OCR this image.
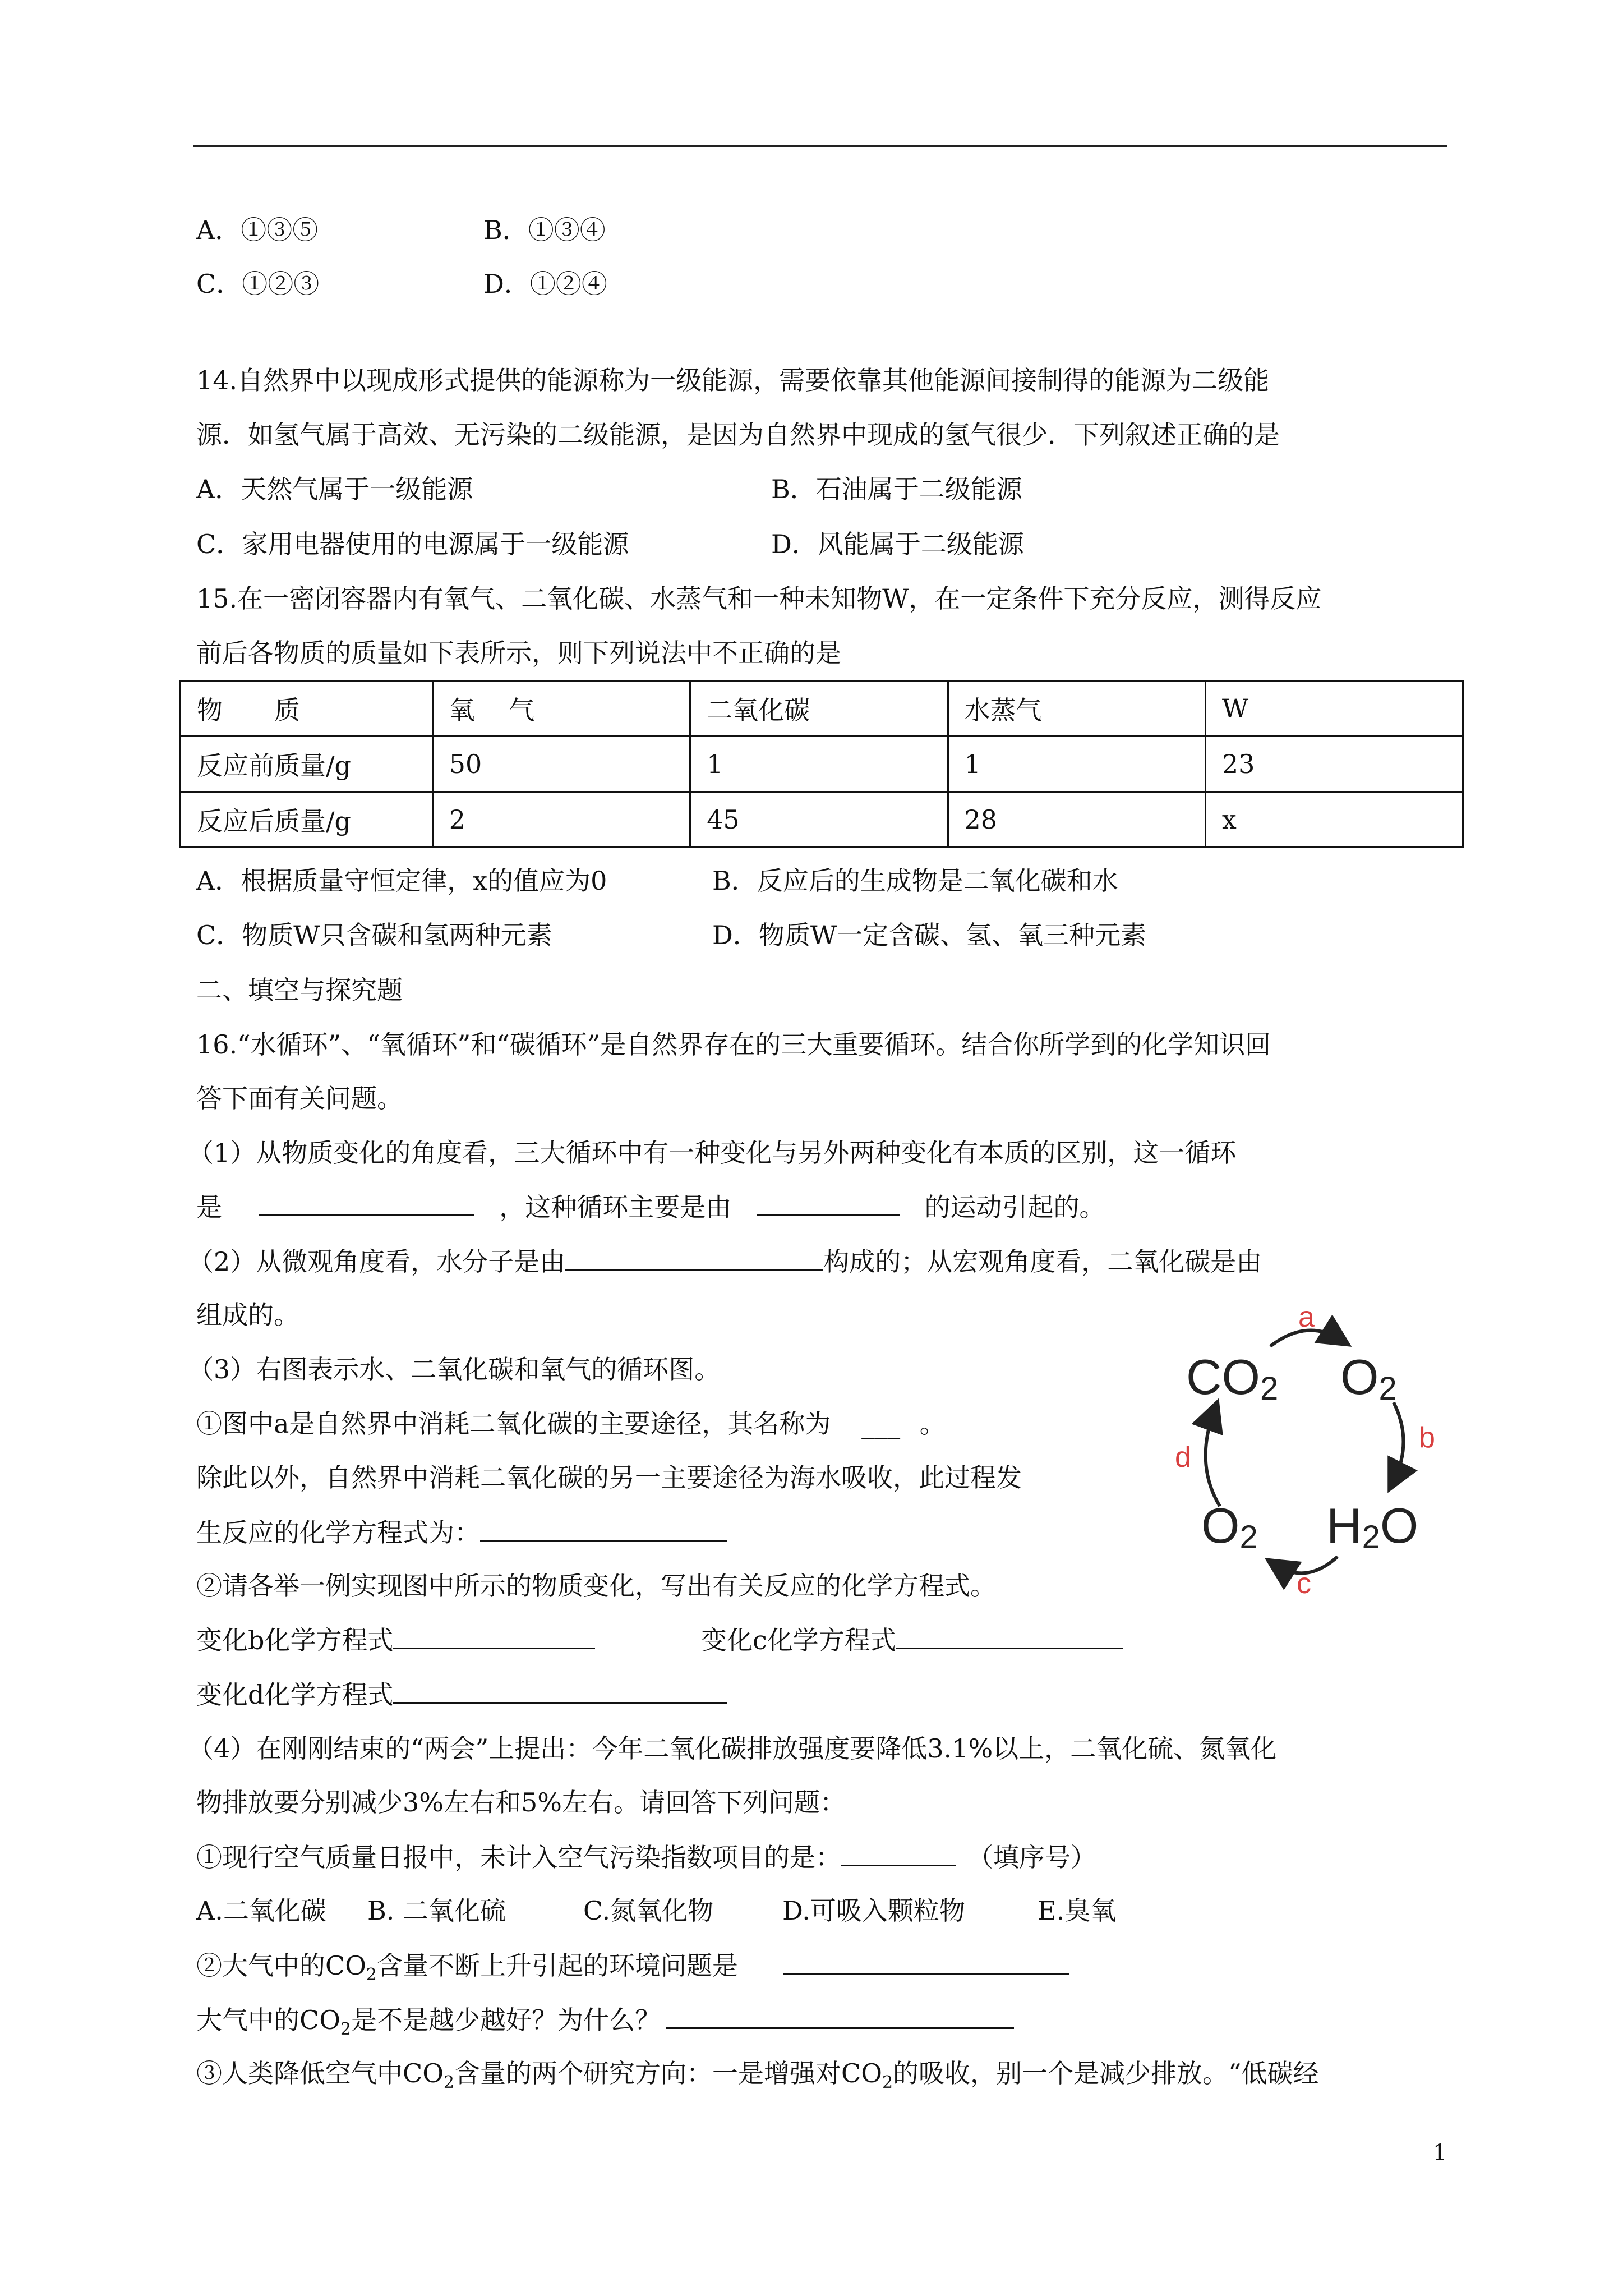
A．①③⑤	B．①③④
C．①②③	D．①②④
14.自然界中以现成形式提供的能源称为一级能源，需要依靠其他能源间接制得的能源为二级能
源．如氢气属于高效、无污染的二级能源，是因为自然界中现成的氢气很少．下列叙述正确的是
A．天然气属于一级能源	B．石油属于二级能源
C．家用电器使用的电源属于一级能源	D．风能属于二级能源
15.在一密闭容器内有氧气、二氧化碳、水蒸气和一种未知物W，在一定条件下充分反应，测得反应
前后各物质的质量如下表所示，则下列说法中不正确的是
物　　质	氧　 气	二氧化碳	水蒸气	W
反应前质量/g	50	1	1	23
反应后质量/g	2	45	28	x
A．根据质量守恒定律，x的值应为0	B．反应后的生成物是二氧化碳和水
C．物质W只含碳和氢两种元素	D．物质W一定含碳、氢、氧三种元素
二、填空与探究题
16.“水循环”、“氧循环”和“碳循环”是自然界存在的三大重要循环。结合你所学到的化学知识回
答下面有关问题。
（1）从物质变化的角度看，三大循环中有一种变化与另外两种变化有本质的区别，这一循环
是	，这种循环主要是由	的运动引起的。
（2）从微观角度看，水分子是由	构成的；从宏观角度看，二氧化碳是由
组成的。
（3）右图表示水、二氧化碳和氧气的循环图。
①图中a是自然界中消耗二氧化碳的主要途径，其名称为 ___ 。
除此以外，自然界中消耗二氧化碳的另一主要途径为海水吸收，此过程发
生反应的化学方程式为：
②请各举一例实现图中所示的物质变化，写出有关反应的化学方程式。
变化b化学方程式	变化c化学方程式
变化d化学方程式
（4）在刚刚结束的“两会”上提出：今年二氧化碳排放强度要降低3.1%以上，二氧化硫、氮氧化
物排放要分别减少3%左右和5%左右。请回答下列问题：
①现行空气质量日报中，未计入空气污染指数项目的是：	（填序号）
A.二氧化碳 B. 二氧化硫	C.氮氧化物	D.可吸入颗粒物	E.臭氧
②大气中的$CO_2$含量不断上升引起的环境问题是
大气中的$CO_2$是不是越少越好？为什么？
③人类降低空气中$CO_2$含量的两个研究方向：一是增强对$CO_2$的吸收，别一个是减少排放。“低碳经
CO2 O2
H2O
O2
a
b
c
d
1
